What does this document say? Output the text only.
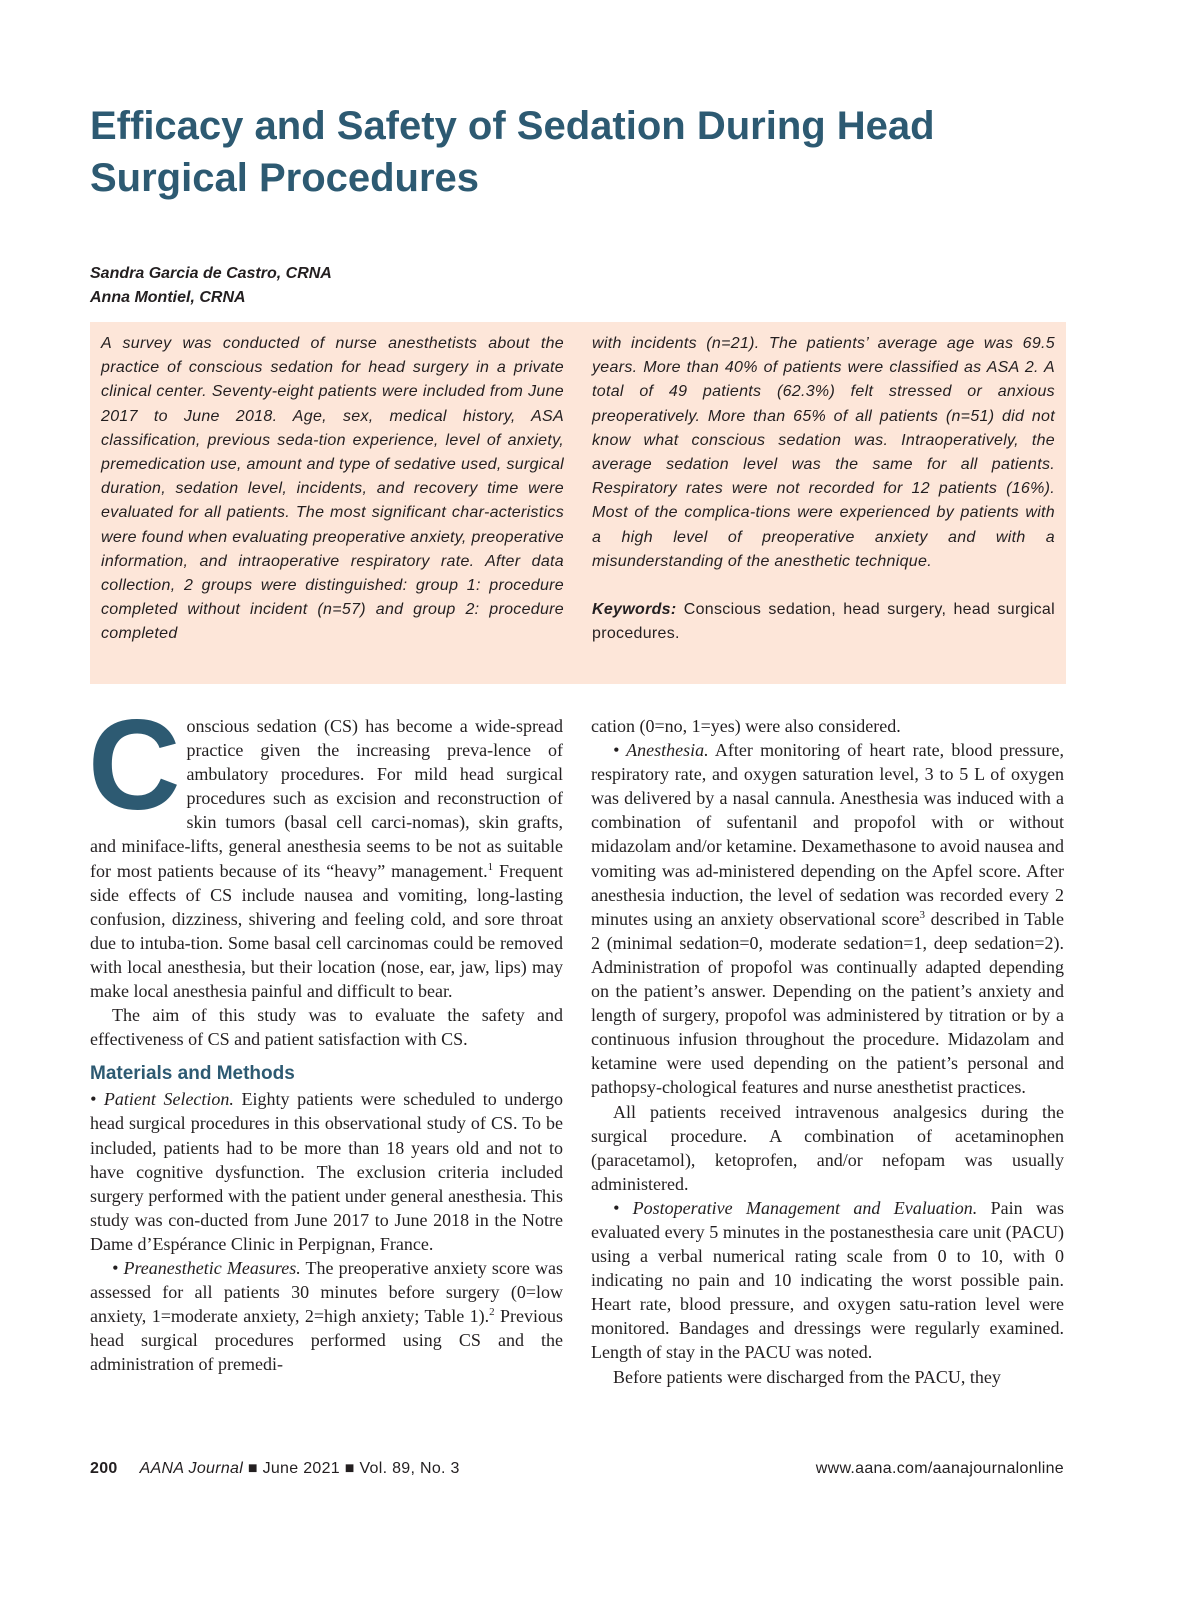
Efficacy and Safety of Sedation During Head Surgical Procedures
Sandra Garcia de Castro, CRNA
Anna Montiel, CRNA

A survey was conducted of nurse anesthetists about the practice of conscious sedation for head surgery in a private clinical center. Seventy-eight patients were included from June 2017 to June 2018. Age, sex, medical history, ASA classification, previous seda-tion experience, level of anxiety, premedication use, amount and type of sedative used, surgical duration, sedation level, incidents, and recovery time were evaluated for all patients. The most significant char-acteristics were found when evaluating preoperative anxiety, preoperative information, and intraoperative respiratory rate. After data collection, 2 groups were distinguished: group 1: procedure completed without incident (n=57) and group 2: procedure completed

with incidents (n=21). The patients’ average age was 69.5 years. More than 40% of patients were classified as ASA 2. A total of 49 patients (62.3%) felt stressed or anxious preoperatively. More than 65% of all patients (n=51) did not know what conscious sedation was. Intraoperatively, the average sedation level was the same for all patients. Respiratory rates were not recorded for 12 patients (16%). Most of the complica-tions were experienced by patients with a high level of preoperative anxiety and with a misunderstanding of the anesthetic technique.

Keywords: Conscious sedation, head surgery, head surgical procedures.

Conscious sedation (CS) has become a wide-spread practice given the increasing preva-lence of ambulatory procedures. For mild head surgical procedures such as excision and reconstruction of skin tumors (basal cell carci-nomas), skin grafts, and miniface-lifts, general anesthesia seems to be not as suitable for most patients because of its “heavy” management.$^1$ Frequent side effects of CS include nausea and vomiting, long-lasting confusion, dizziness, shivering and feeling cold, and sore throat due to intuba-tion. Some basal cell carcinomas could be removed with local anesthesia, but their location (nose, ear, jaw, lips) may make local anesthesia painful and difficult to bear.

The aim of this study was to evaluate the safety and effectiveness of CS and patient satisfaction with CS.

Materials and Methods

• Patient Selection. Eighty patients were scheduled to undergo head surgical procedures in this observational study of CS. To be included, patients had to be more than 18 years old and not to have cognitive dysfunction. The exclusion criteria included surgery performed with the patient under general anesthesia. This study was con-ducted from June 2017 to June 2018 in the Notre Dame d’Espérance Clinic in Perpignan, France.

• Preanesthetic Measures. The preoperative anxiety score was assessed for all patients 30 minutes before surgery (0=low anxiety, 1=moderate anxiety, 2=high anxiety; Table 1).$^2$ Previous head surgical procedures performed using CS and the administration of premedi-

cation (0=no, 1=yes) were also considered.

• Anesthesia. After monitoring of heart rate, blood pressure, respiratory rate, and oxygen saturation level, 3 to 5 L of oxygen was delivered by a nasal cannula. Anesthesia was induced with a combination of sufentanil and propofol with or without midazolam and/or ketamine. Dexamethasone to avoid nausea and vomiting was ad-ministered depending on the Apfel score. After anesthesia induction, the level of sedation was recorded every 2 minutes using an anxiety observational score$^3$ described in Table 2 (minimal sedation=0, moderate sedation=1, deep sedation=2). Administration of propofol was continually adapted depending on the patient’s answer. Depending on the patient’s anxiety and length of surgery, propofol was administered by titration or by a continuous infusion throughout the procedure. Midazolam and ketamine were used depending on the patient’s personal and pathopsy-chological features and nurse anesthetist practices.

All patients received intravenous analgesics during the surgical procedure. A combination of acetaminophen (paracetamol), ketoprofen, and/or nefopam was usually administered.

• Postoperative Management and Evaluation. Pain was evaluated every 5 minutes in the postanesthesia care unit (PACU) using a verbal numerical rating scale from 0 to 10, with 0 indicating no pain and 10 indicating the worst possible pain. Heart rate, blood pressure, and oxygen satu-ration level were monitored. Bandages and dressings were regularly examined. Length of stay in the PACU was noted.

Before patients were discharged from the PACU, they

200 AANA Journal ■ June 2021 ■ Vol. 89, No. 3	www.aana.com/aanajournalonline
